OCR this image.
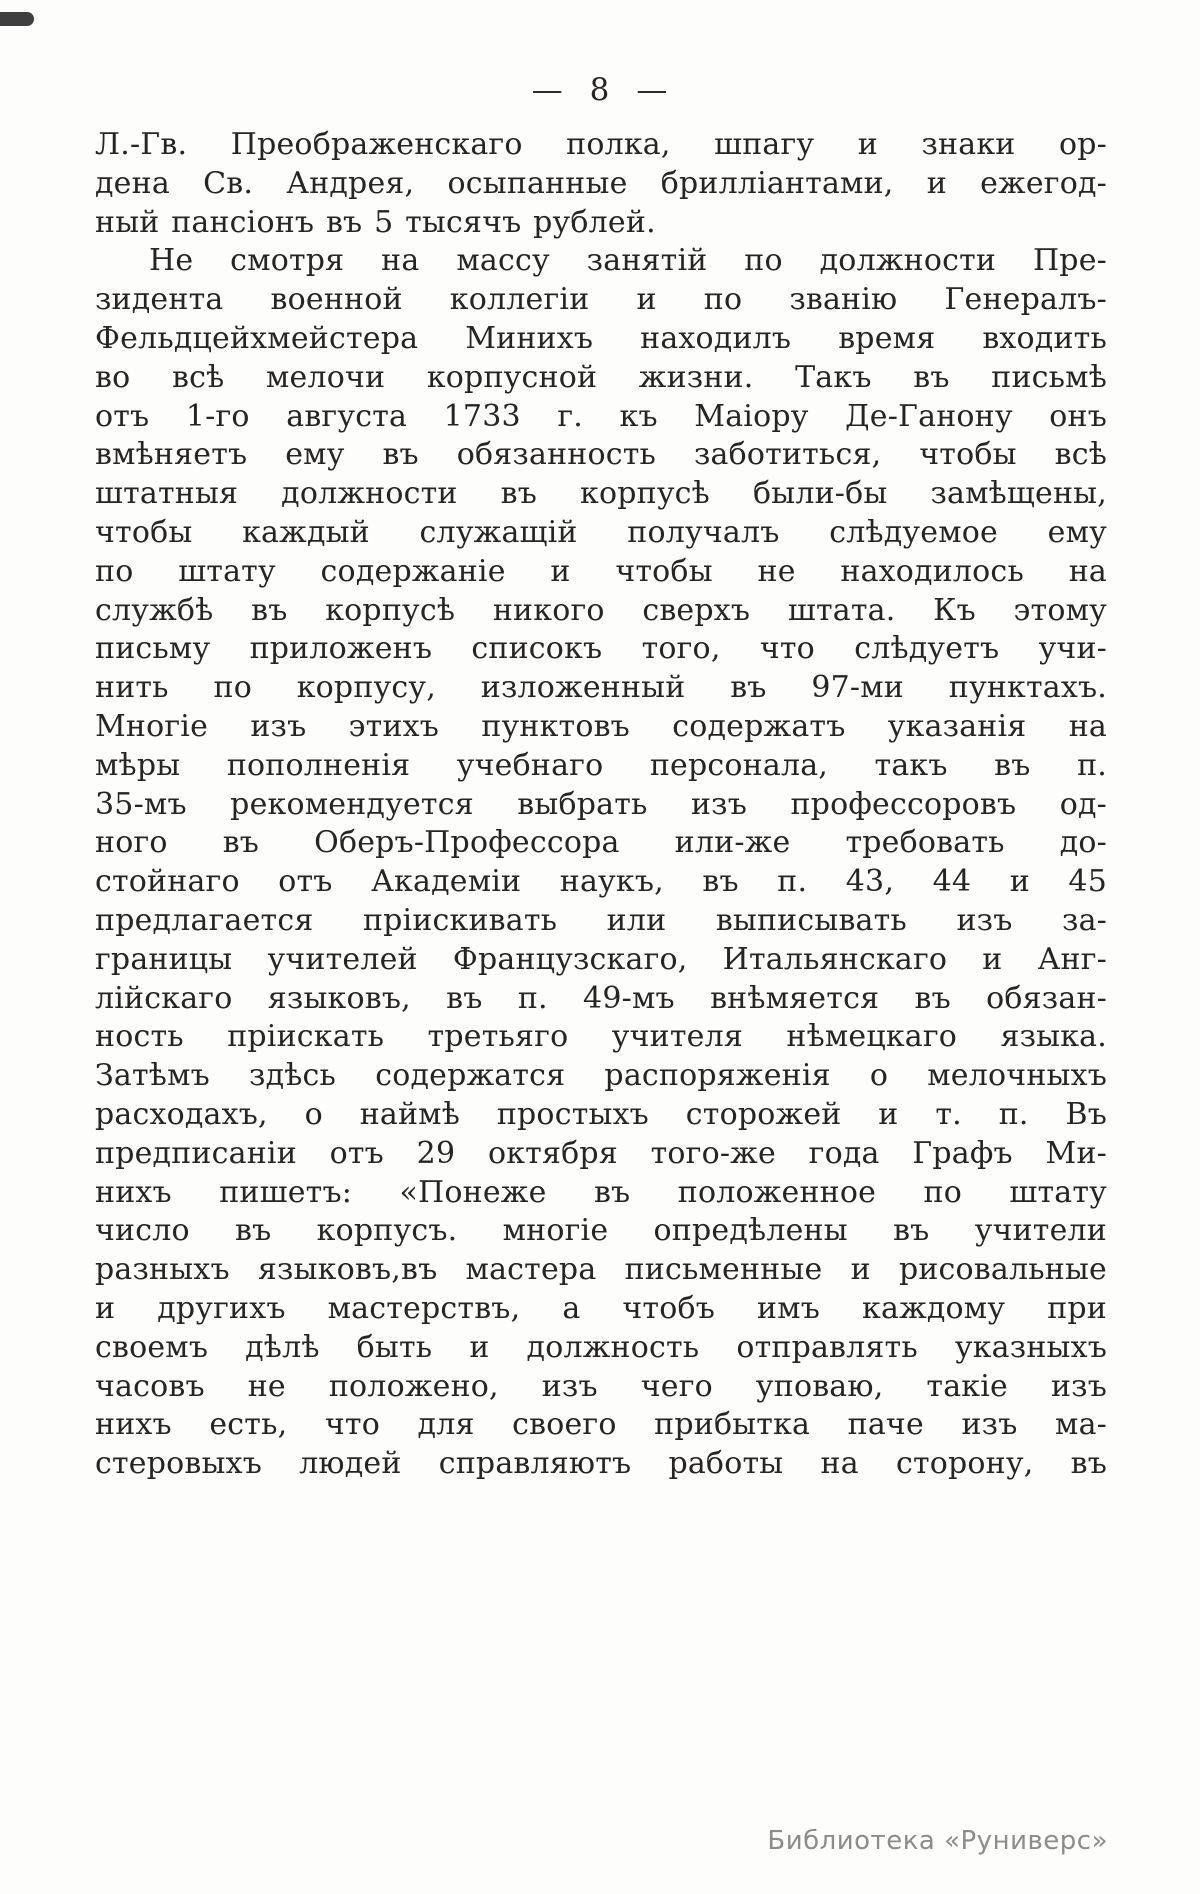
— 8 —
Л.-Гв. Преображенскаго полка, шпагу и знаки ор-
дена Св. Андрея, осыпанные брилліантами, и ежегод-
ный пансіонъ въ 5 тысячъ рублей.
Не смотря на массу занятій по должности Пре-
зидента военной коллегіи и по званію Генералъ-
Фельдцейхмейстера Минихъ находилъ время входить
во всѣ мелочи корпусной жизни. Такъ въ письмѣ
отъ 1-го августа 1733 г. къ Маіору Де-Ганону онъ
вмѣняетъ ему въ обязанность заботиться, чтобы всѣ
штатныя должности въ корпусѣ были-бы замѣщены,
чтобы каждый служащій получалъ слѣдуемое ему
по штату содержаніе и чтобы не находилось на
службѣ въ корпусѣ никого сверхъ штата. Къ этому
письму приложенъ списокъ того, что слѣдуетъ учи-
нить по корпусу, изложенный въ 97-ми пунктахъ.
Многіе изъ этихъ пунктовъ содержатъ указанія на
мѣры пополненія учебнаго персонала, такъ въ п.
35-мъ рекомендуется выбрать изъ профессоровъ од-
ного въ Оберъ-Профессора или-же требовать до-
стойнаго отъ Академіи наукъ, въ п. 43, 44 и 45
предлагается пріискивать или выписывать изъ за-
границы учителей Французскаго, Итальянскаго и Анг-
лійскаго языковъ, въ п. 49-мъ внѣмяется въ обязан-
ность пріискать третьяго учителя нѣмецкаго языка.
Затѣмъ здѣсь содержатся распоряженія о мелочныхъ
расходахъ, о наймѣ простыхъ сторожей и т. п. Въ
предписаніи отъ 29 октября того-же года Графъ Ми-
нихъ пишетъ: «Понеже въ положенное по штату
число въ корпусъ. многіе опредѣлены въ учители
разныхъ языковъ,въ мастера письменные и рисовальные
и другихъ мастерствъ, а чтобъ имъ каждому при
своемъ дѣлѣ быть и должность отправлять указныхъ
часовъ не положено, изъ чего уповаю, такіе изъ
нихъ есть, что для своего прибытка паче изъ ма-
стеровыхъ людей справляютъ работы на сторону, въ
Библиотека «Руниверс»
